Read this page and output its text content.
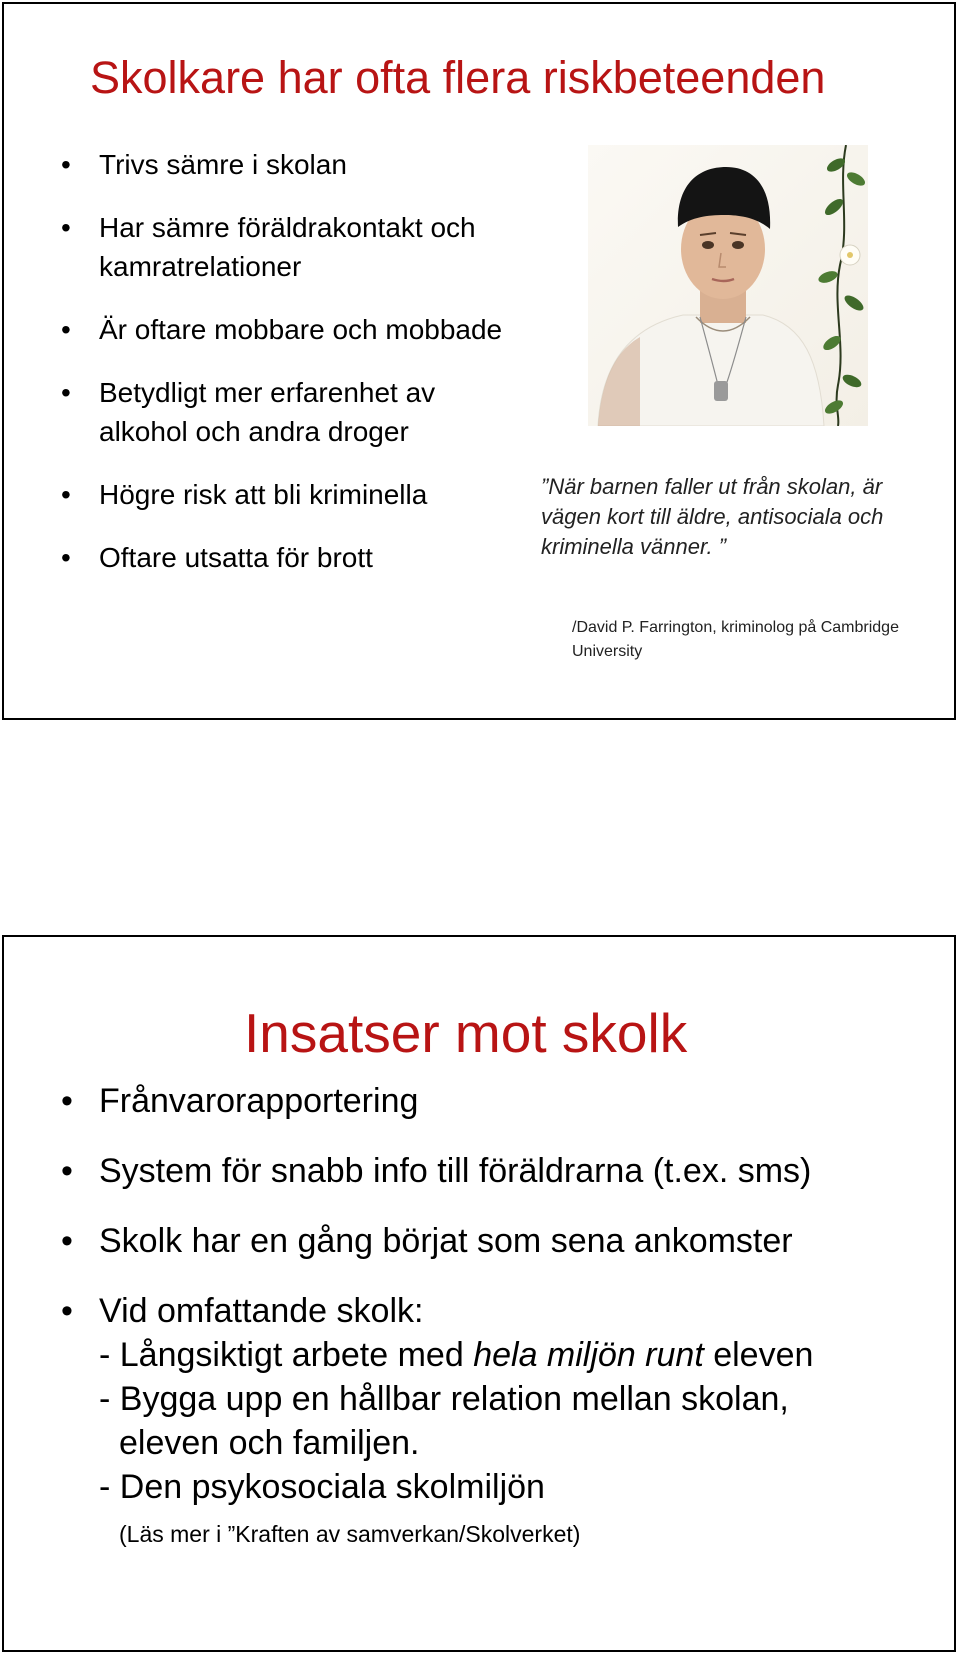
Skolkare har ofta flera riskbeteenden
• Trivs sämre i skolan
• Har sämre föräldrakontakt och kamratrelationer
• Är oftare mobbare och mobbade
• Betydligt mer erfarenhet av alkohol och andra droger
• Högre risk att bli kriminella
• Oftare utsatta för brott
”När barnen faller ut från skolan, är vägen kort till äldre, antisociala och kriminella vänner. ”
/David P. Farrington, kriminolog på Cambridge University
Insatser mot skolk
• Frånvarorapportering
• System för snabb info till föräldrarna (t.ex. sms)
• Skolk har en gång börjat som sena ankomster
• Vid omfattande skolk:
- Långsiktigt arbete med hela miljön runt eleven
- Bygga upp en hållbar relation mellan skolan,
eleven och familjen.
- Den psykosociala skolmiljön
(Läs mer i ”Kraften av samverkan/Skolverket)
